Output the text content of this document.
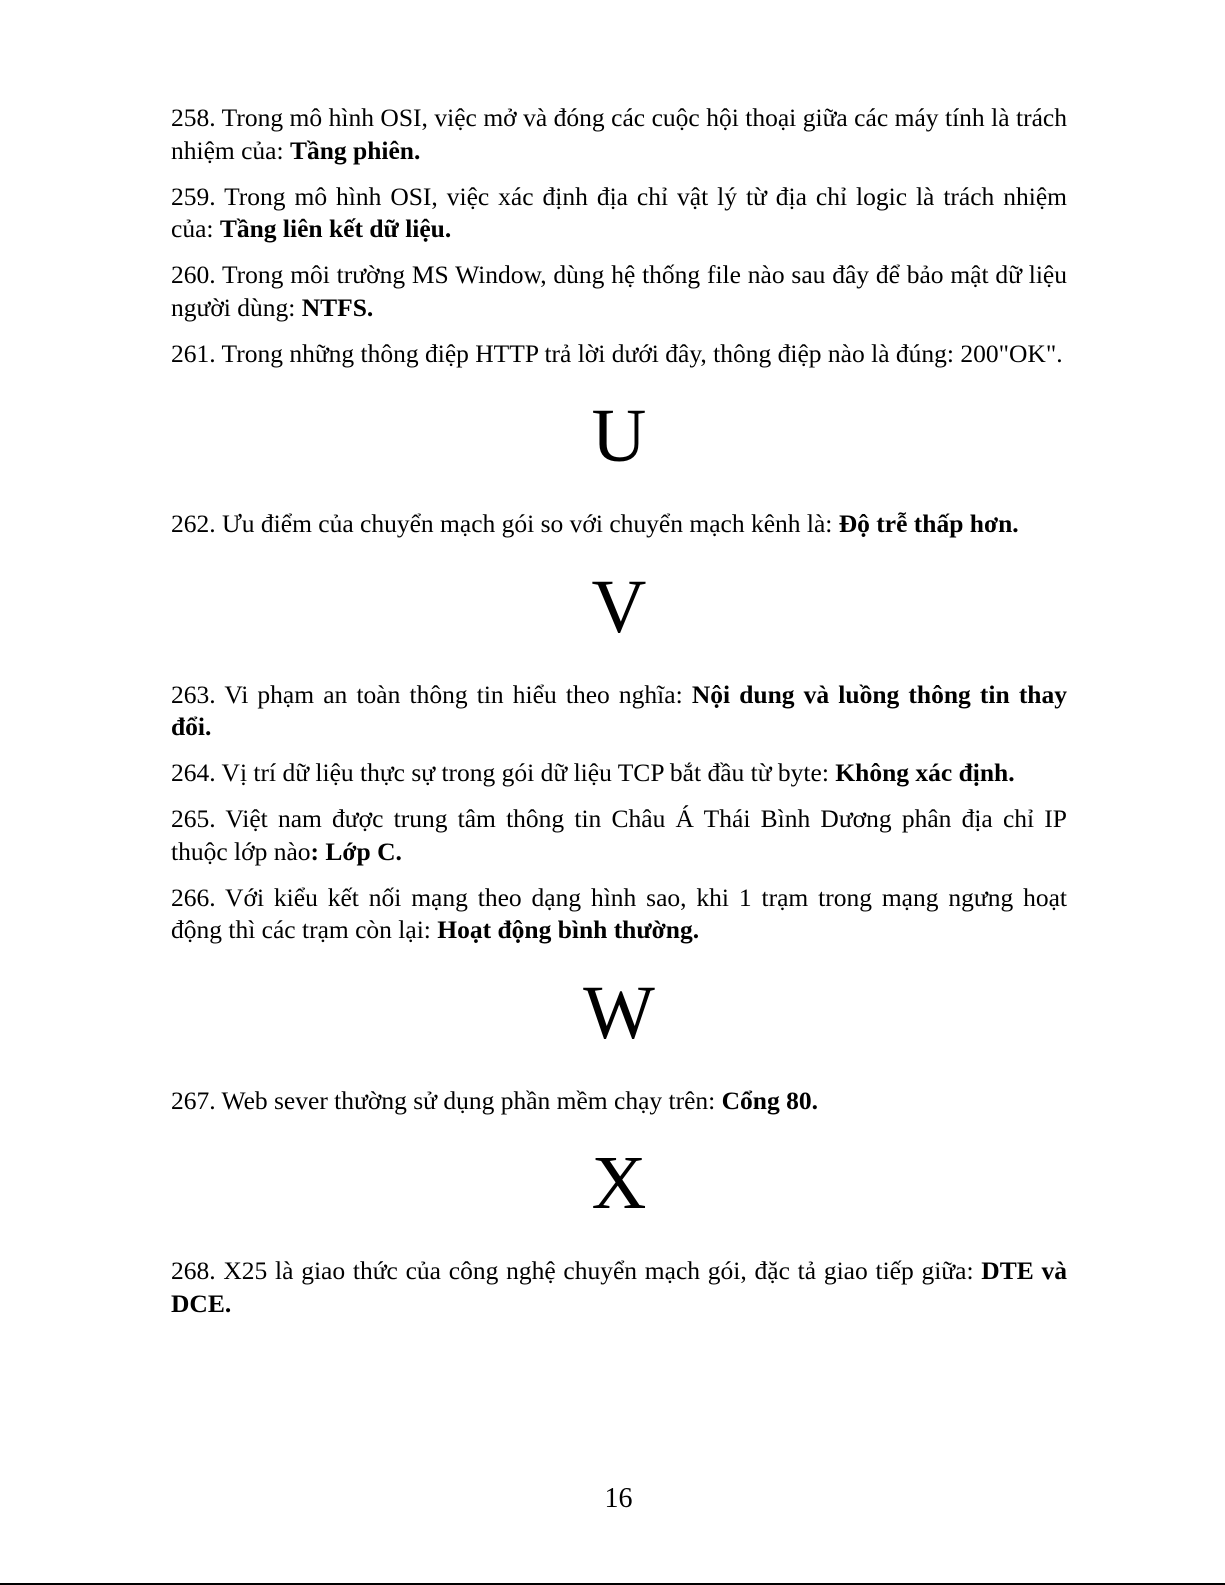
258. Trong mô hình OSI, việc mở và đóng các cuộc hội thoại giữa các máy tính là trách nhiệm của: Tầng phiên.

259. Trong mô hình OSI, việc xác định địa chỉ vật lý từ địa chỉ logic là trách nhiệm của: Tầng liên kết dữ liệu.

260. Trong môi trường MS Window, dùng hệ thống file nào sau đây để bảo mật dữ liệu người dùng: NTFS.

261. Trong những thông điệp HTTP trả lời dưới đây, thông điệp nào là đúng: 200"OK".

U

262. Ưu điểm của chuyển mạch gói so với chuyển mạch kênh là: Độ trễ thấp hơn.

V

263. Vi phạm an toàn thông tin hiểu theo nghĩa: Nội dung và luồng thông tin thay đổi.

264. Vị trí dữ liệu thực sự trong gói dữ liệu TCP bắt đầu từ byte: Không xác định.

265. Việt nam được trung tâm thông tin Châu Á Thái Bình Dương phân địa chỉ IP thuộc lớp nào: Lớp C.

266. Với kiểu kết nối mạng theo dạng hình sao, khi 1 trạm trong mạng ngưng hoạt động thì các trạm còn lại: Hoạt động bình thường.

W

267. Web sever thường sử dụng phần mềm chạy trên: Cổng 80.

X

268. X25 là giao thức của công nghệ chuyển mạch gói, đặc tả giao tiếp giữa: DTE và DCE.

16
